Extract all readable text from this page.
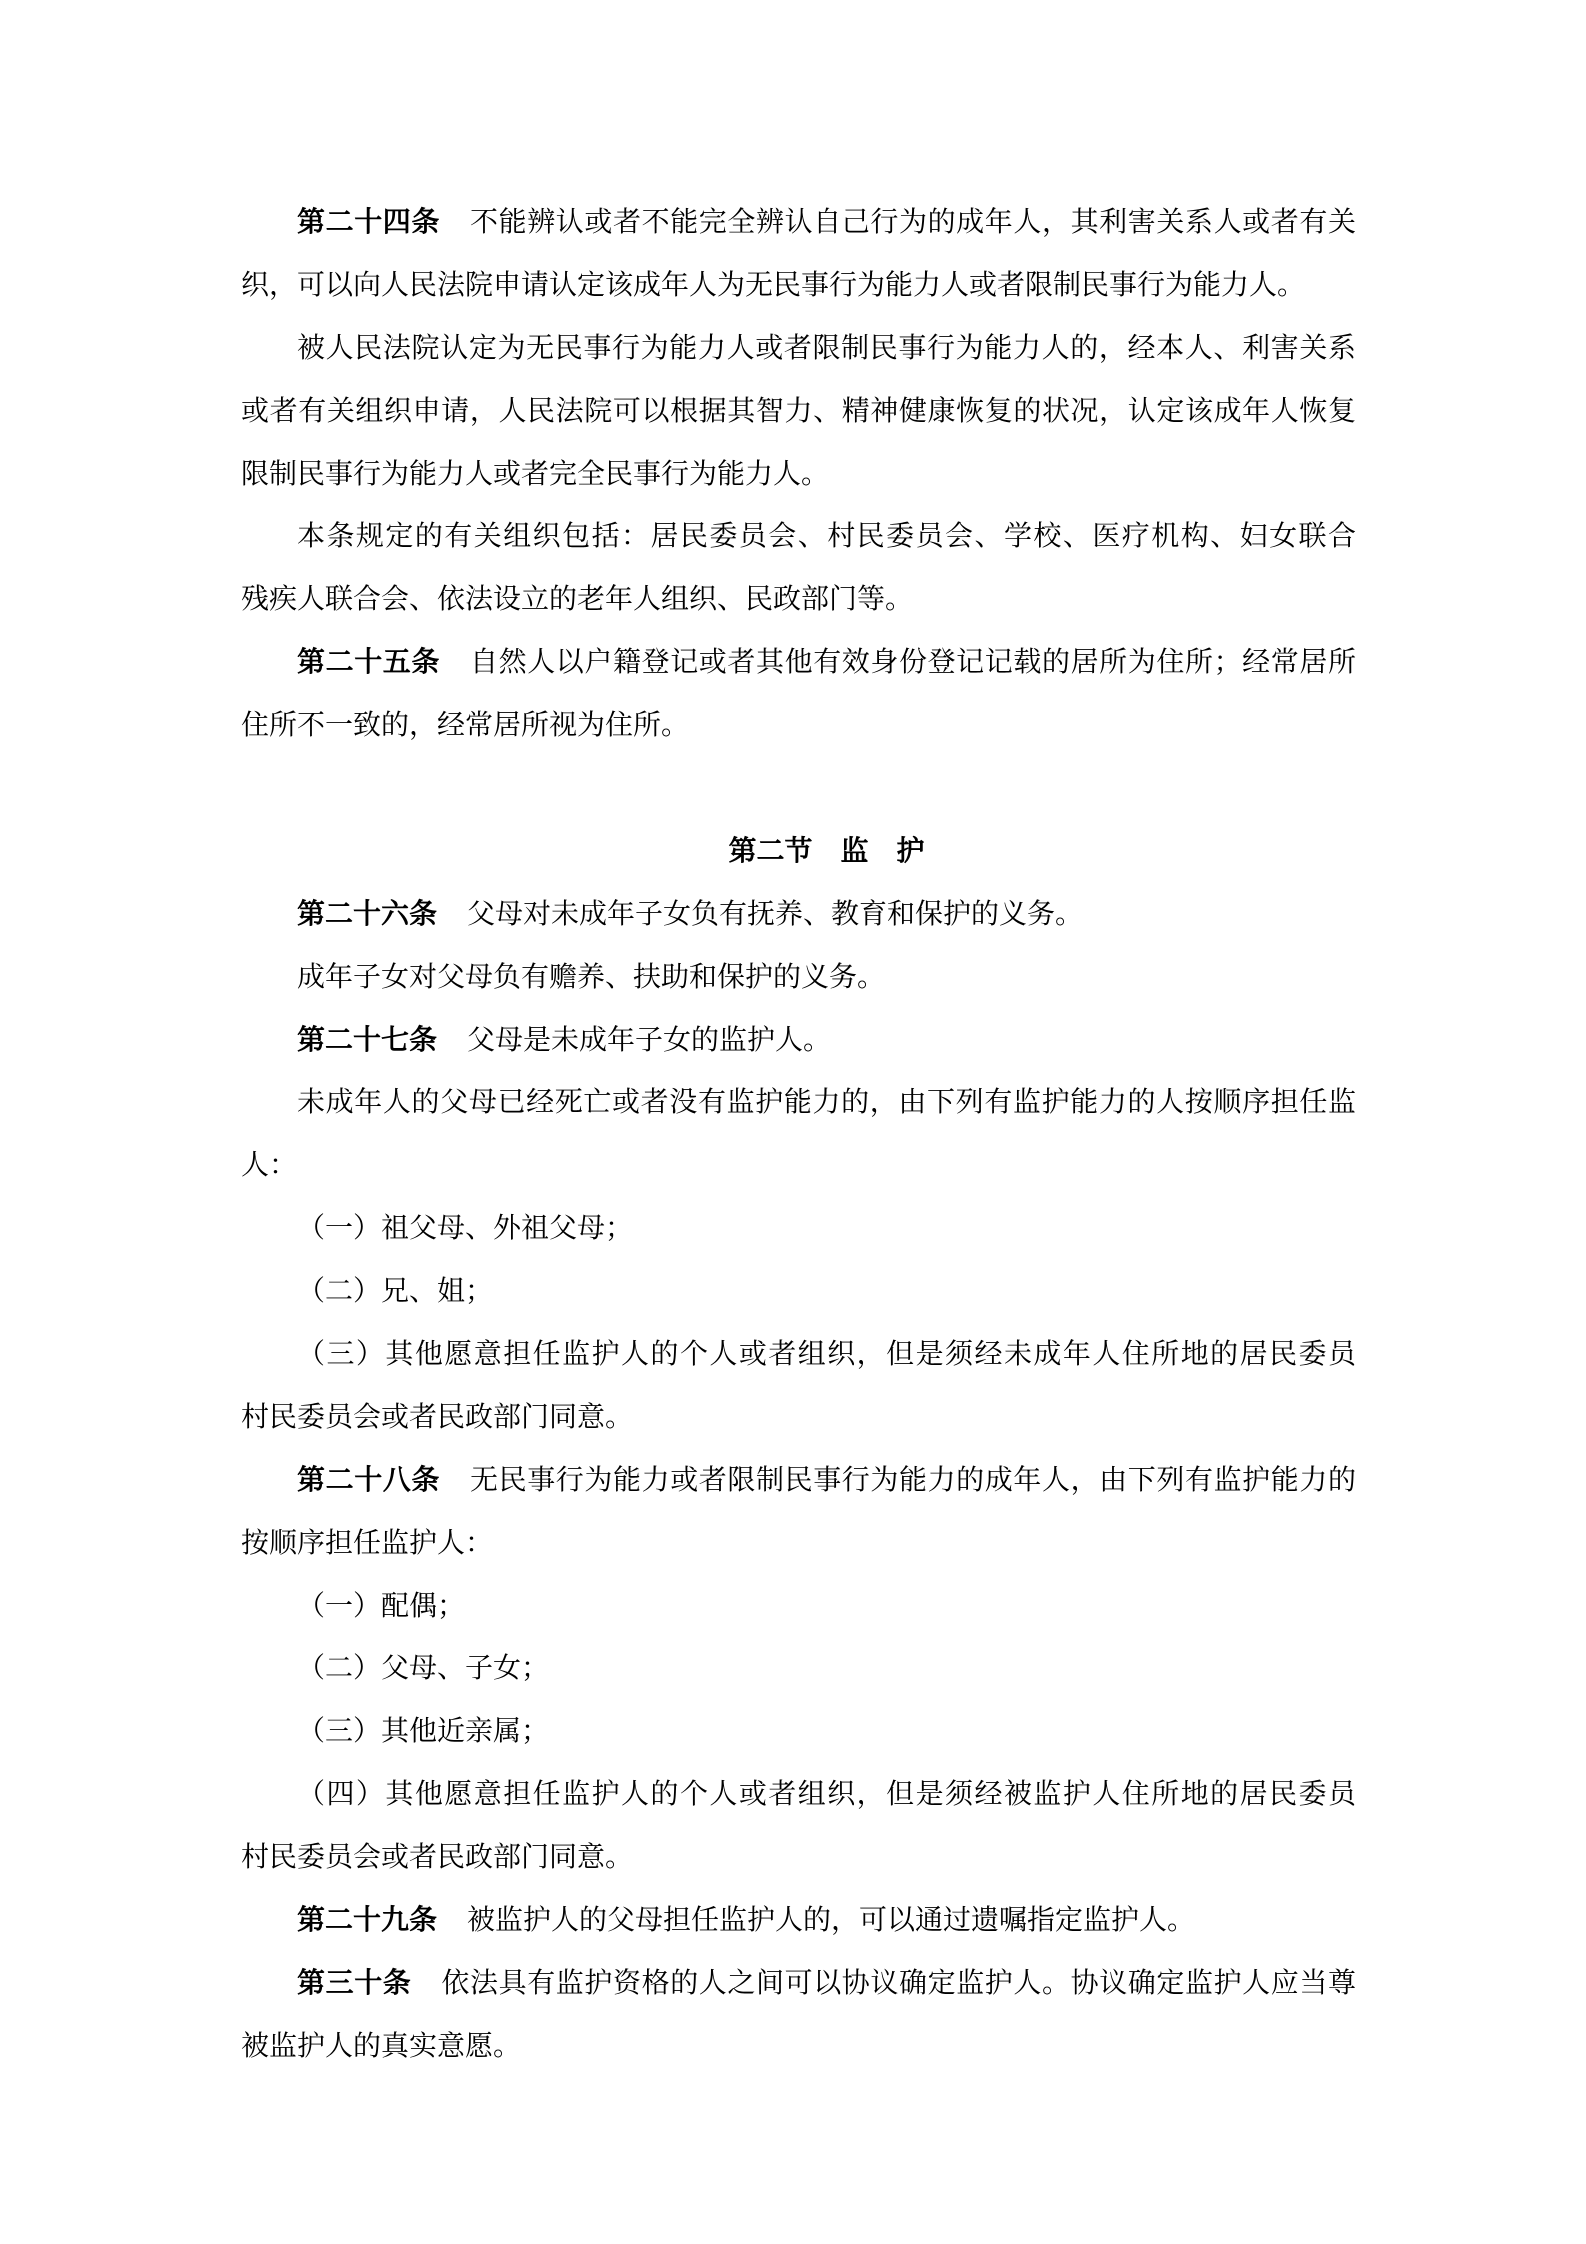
第二十四条 不能辨认或者不能完全辨认自己行为的成年人，其利害关系人或者有关
织，可以向人民法院申请认定该成年人为无民事行为能力人或者限制民事行为能力人。
被人民法院认定为无民事行为能力人或者限制民事行为能力人的，经本人、利害关系
或者有关组织申请，人民法院可以根据其智力、精神健康恢复的状况，认定该成年人恢复
限制民事行为能力人或者完全民事行为能力人。
本条规定的有关组织包括：居民委员会、村民委员会、学校、医疗机构、妇女联合
残疾人联合会、依法设立的老年人组织、民政部门等。
第二十五条 自然人以户籍登记或者其他有效身份登记记载的居所为住所；经常居所
住所不一致的，经常居所视为住所。
第二节　监　护
第二十六条 父母对未成年子女负有抚养、教育和保护的义务。
成年子女对父母负有赡养、扶助和保护的义务。
第二十七条 父母是未成年子女的监护人。
未成年人的父母已经死亡或者没有监护能力的，由下列有监护能力的人按顺序担任监
人：
（一）祖父母、外祖父母；
（二）兄、姐；
（三）其他愿意担任监护人的个人或者组织，但是须经未成年人住所地的居民委员
村民委员会或者民政部门同意。
第二十八条 无民事行为能力或者限制民事行为能力的成年人，由下列有监护能力的
按顺序担任监护人：
（一）配偶；
（二）父母、子女；
（三）其他近亲属；
（四）其他愿意担任监护人的个人或者组织，但是须经被监护人住所地的居民委员
村民委员会或者民政部门同意。
第二十九条 被监护人的父母担任监护人的，可以通过遗嘱指定监护人。
第三十条 依法具有监护资格的人之间可以协议确定监护人。协议确定监护人应当尊
被监护人的真实意愿。
